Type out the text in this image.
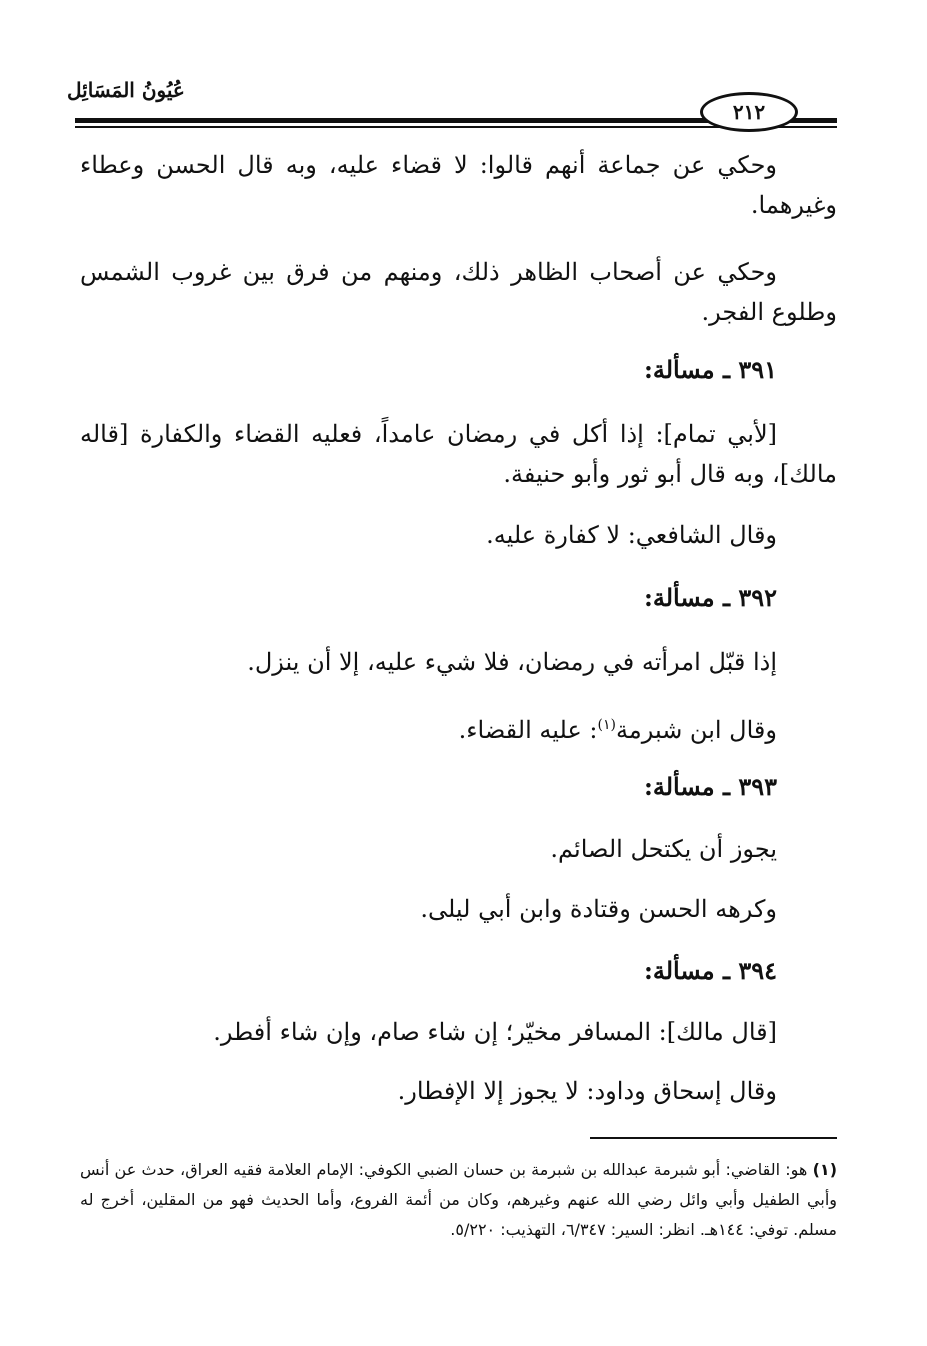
عُيُونُ المَسَائِل
٢١٢
وحكي عن جماعة أنهم قالوا: لا قضاء عليه، وبه قال الحسن وعطاء وغيرهما.
وحكي عن أصحاب الظاهر ذلك، ومنهم من فرق بين غروب الشمس وطلوع الفجر.
٣٩١ ـ مسألة:
[لأبي تمام]: إذا أكل في رمضان عامداً، فعليه القضاء والكفارة [قاله مالك]، وبه قال أبو ثور وأبو حنيفة.
وقال الشافعي: لا كفارة عليه.
٣٩٢ ـ مسألة:
إذا قبّل امرأته في رمضان، فلا شيء عليه، إلا أن ينزل.
وقال ابن شبرمة$^{(١)}$: عليه القضاء.
٣٩٣ ـ مسألة:
يجوز أن يكتحل الصائم.
وكرهه الحسن وقتادة وابن أبي ليلى.
٣٩٤ ـ مسألة:
[قال مالك]: المسافر مخيّر؛ إن شاء صام، وإن شاء أفطر.
وقال إسحاق وداود: لا يجوز إلا الإفطار.
(١) هو: القاضي: أبو شبرمة عبدالله بن شبرمة بن حسان الضبي الكوفي: الإمام العلامة فقيه العراق، حدث عن أنس وأبي الطفيل وأبي وائل رضي الله عنهم وغيرهم، وكان من أئمة الفروع، وأما الحديث فهو من المقلين، أخرج له مسلم. توفي: ١٤٤هـ. انظر: السير: ٦/٣٤٧، التهذيب: ٥/٢٢٠.
